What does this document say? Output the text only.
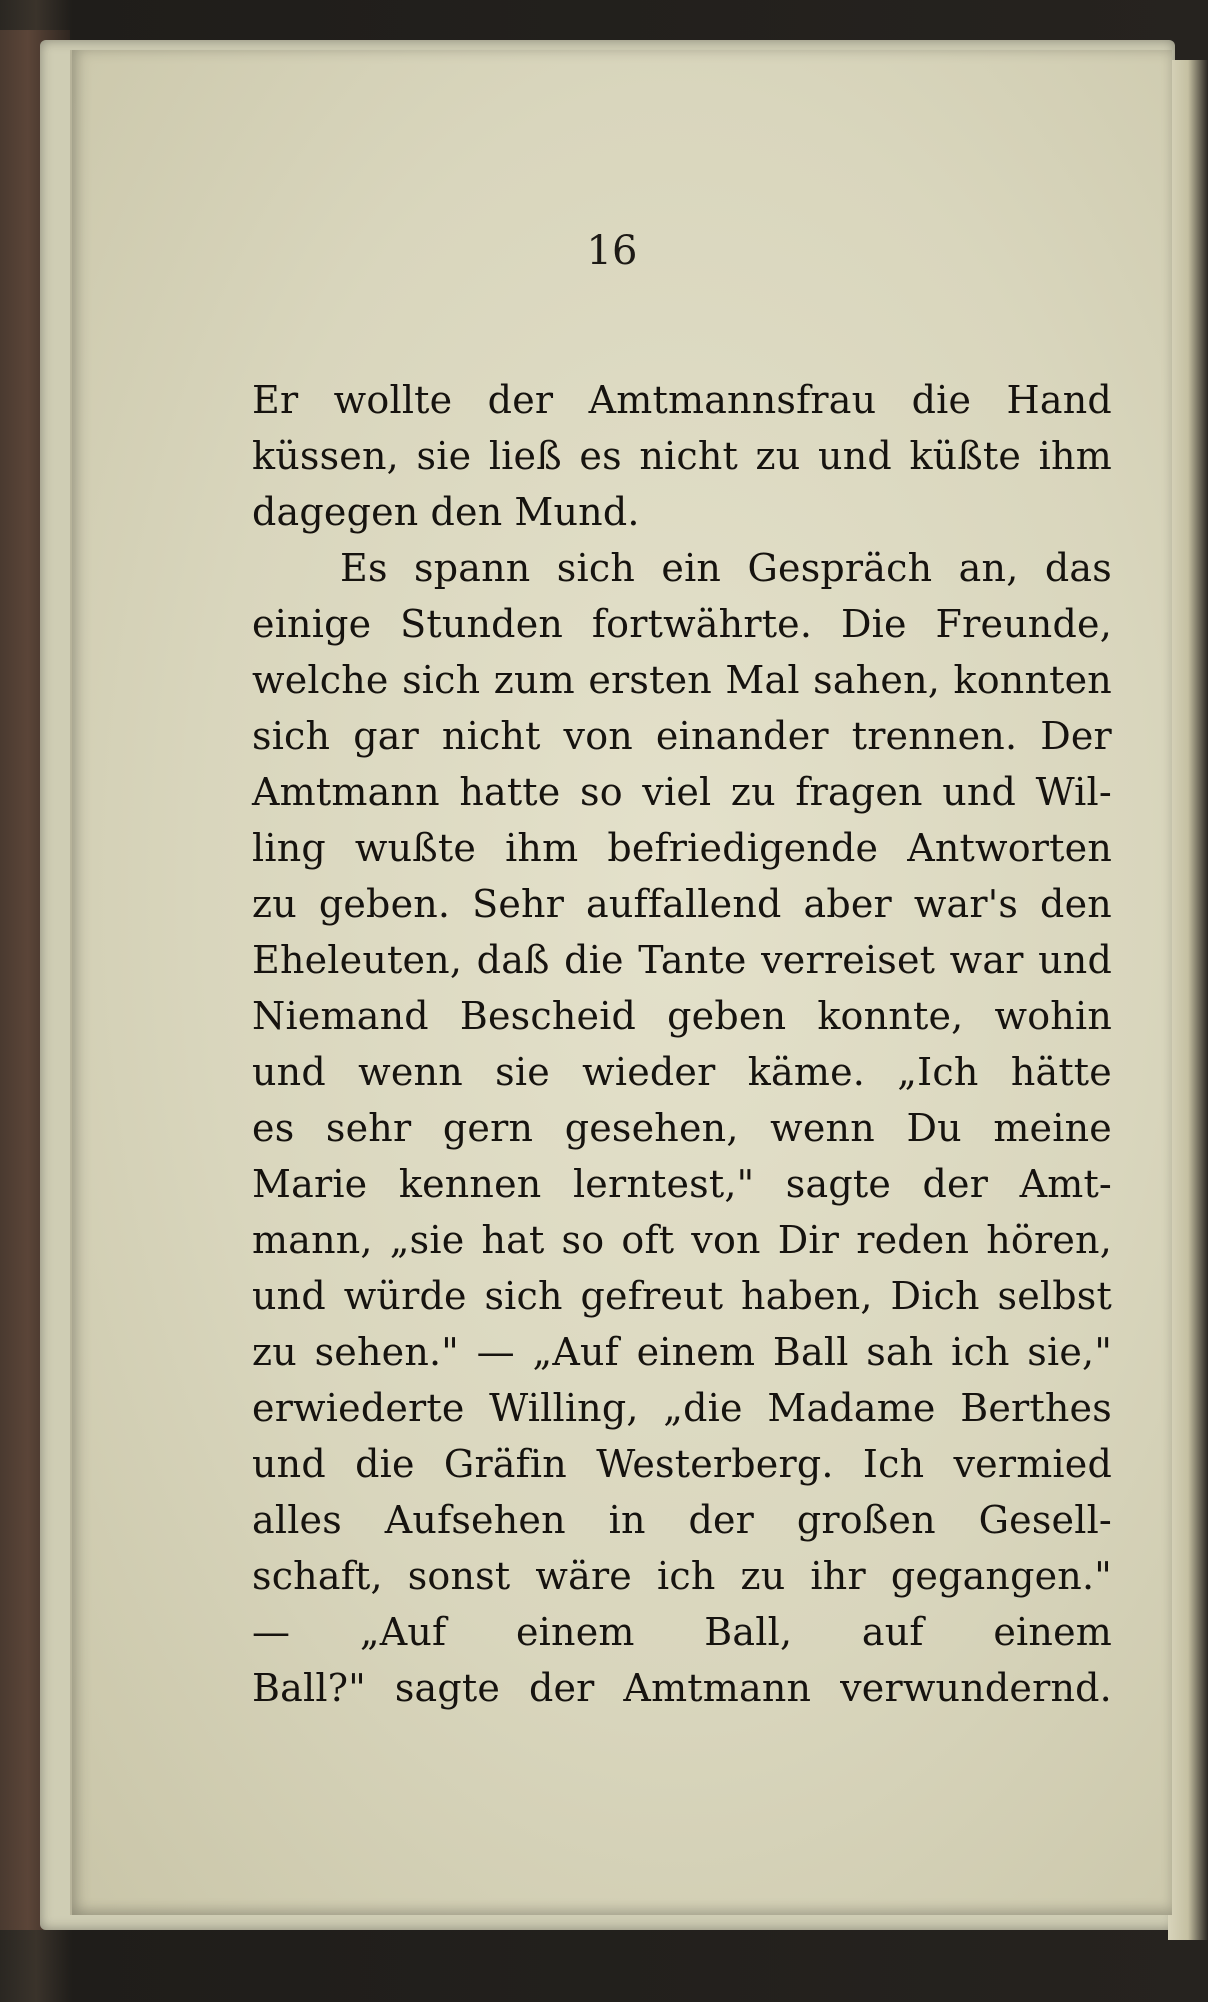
16
Er wollte der Amtmannsfrau die Hand
küssen, sie ließ es nicht zu und küßte ihm
dagegen den Mund.
Es spann sich ein Gespräch an, das
einige Stunden fortwährte. Die Freunde,
welche sich zum ersten Mal sahen, konnten
sich gar nicht von einander trennen. Der
Amtmann hatte so viel zu fragen und Wil-
ling wußte ihm befriedigende Antworten
zu geben. Sehr auffallend aber war's den
Eheleuten, daß die Tante verreiset war und
Niemand Bescheid geben konnte, wohin
und wenn sie wieder käme. „Ich hätte
es sehr gern gesehen, wenn Du meine
Marie kennen lerntest," sagte der Amt-
mann, „sie hat so oft von Dir reden hören,
und würde sich gefreut haben, Dich selbst
zu sehen." — „Auf einem Ball sah ich sie,"
erwiederte Willing, „die Madame Berthes
und die Gräfin Westerberg. Ich vermied
alles Aufsehen in der großen Gesell-
schaft, sonst wäre ich zu ihr gegangen."
— „Auf einem Ball, auf einem
Ball?" sagte der Amtmann verwundernd.
